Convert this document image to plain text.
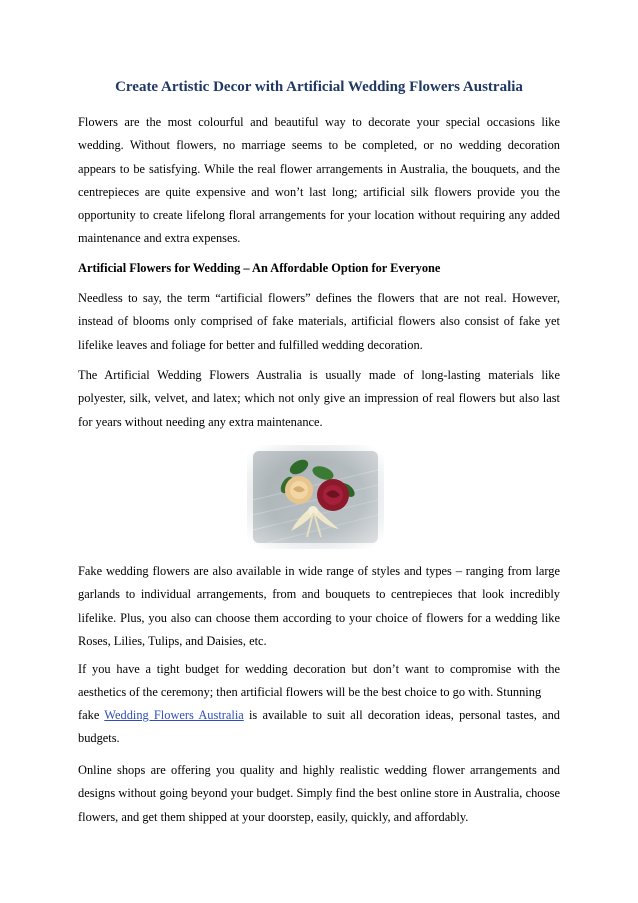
Create Artistic Decor with Artificial Wedding Flowers Australia

Flowers are the most colourful and beautiful way to decorate your special occasions like wedding. Without flowers, no marriage seems to be completed, or no wedding decoration appears to be satisfying. While the real flower arrangements in Australia, the bouquets, and the centrepieces are quite expensive and won’t last long; artificial silk flowers provide you the opportunity to create lifelong floral arrangements for your location without requiring any added maintenance and extra expenses.

Artificial Flowers for Wedding – An Affordable Option for Everyone

Needless to say, the term “artificial flowers” defines the flowers that are not real. However, instead of blooms only comprised of fake materials, artificial flowers also consist of fake yet lifelike leaves and foliage for better and fulfilled wedding decoration.

The Artificial Wedding Flowers Australia is usually made of long-lasting materials like polyester, silk, velvet, and latex; which not only give an impression of real flowers but also last for years without needing any extra maintenance.

Fake wedding flowers are also available in wide range of styles and types – ranging from large garlands to individual arrangements, from and bouquets to centrepieces that look incredibly lifelike. Plus, you also can choose them according to your choice of flowers for a wedding like Roses, Lilies, Tulips, and Daisies, etc.

If you have a tight budget for wedding decoration but don’t want to compromise with the aesthetics of the ceremony; then artificial flowers will be the best choice to go with. Stunning

fake Wedding Flowers Australia is available to suit all decoration ideas, personal tastes, and budgets.

Online shops are offering you quality and highly realistic wedding flower arrangements and designs without going beyond your budget. Simply find the best online store in Australia, choose flowers, and get them shipped at your doorstep, easily, quickly, and affordably.
